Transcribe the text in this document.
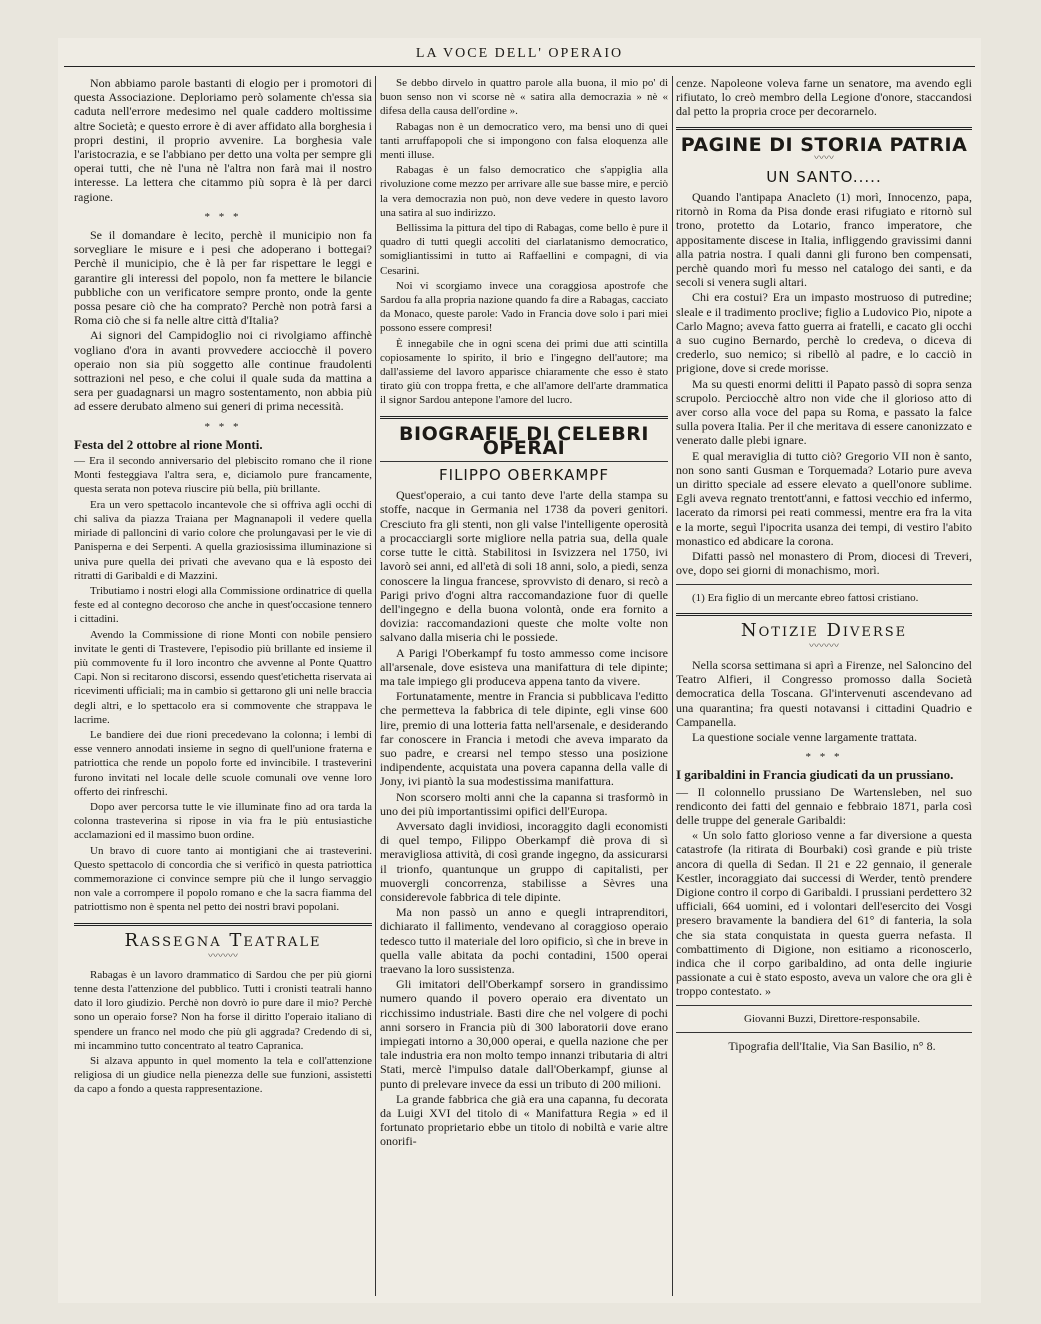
LA VOCE DELL' OPERAIO

Non abbiamo parole bastanti di elogio per i promotori di questa Associazione. Deploriamo però solamente ch'essa sia caduta nell'errore medesimo nel quale caddero moltissime altre Società; e questo errore è di aver affidato alla borghesia i propri destini, il proprio avvenire. La borghesia vale l'aristocrazia, e se l'abbiano per detto una volta per sempre gli operai tutti, che nè l'una nè l'altra non farà mai il nostro interesse. La lettera che citammo più sopra è là per darci ragione.

* * *

Se il domandare è lecito, perchè il municipio non fa sorvegliare le misure e i pesi che adoperano i bottegai? Perchè il municipio, che è là per far rispettare le leggi e garantire gli interessi del popolo, non fa mettere le bilancie pubbliche con un verificatore sempre pronto, onde la gente possa pesare ciò che ha comprato? Perchè non potrà farsi a Roma ciò che si fa nelle altre città d'Italia?

Ai signori del Campidoglio noi ci rivolgiamo affinchè vogliano d'ora in avanti provvedere acciocchè il povero operaio non sia più soggetto alle continue fraudolenti sottrazioni nel peso, e che colui il quale suda da mattina a sera per guadagnarsi un magro sostentamento, non abbia più ad essere derubato almeno sui generi di prima necessità.

* * *
Festa del 2 ottobre al rione Monti.

— Era il secondo anniversario del plebiscito romano che il rione Monti festeggiava l'altra sera, e, diciamolo pure francamente, questa serata non poteva riuscire più bella, più brillante.

Era un vero spettacolo incantevole che si offriva agli occhi di chi saliva da piazza Traiana per Magnanapoli il vedere quella miriade di palloncini di vario colore che prolungavasi per le vie di Panisperna e dei Serpenti. A quella graziosissima illuminazione si univa pure quella dei privati che avevano qua e là esposto dei ritratti di Garibaldi e di Mazzini.

Tributiamo i nostri elogi alla Commissione ordinatrice di quella feste ed al contegno decoroso che anche in quest'occasione tennero i cittadini.

Avendo la Commissione di rione Monti con nobile pensiero invitate le genti di Trastevere, l'episodio più brillante ed insieme il più commovente fu il loro incontro che avvenne al Ponte Quattro Capi. Non si recitarono discorsi, essendo quest'etichetta riservata ai ricevimenti ufficiali; ma in cambio si gettarono gli uni nelle braccia degli altri, e lo spettacolo era si commovente che strappava le lacrime.

Le bandiere dei due rioni precedevano la colonna; i lembi di esse vennero annodati insieme in segno di quell'unione fraterna e patriottica che rende un popolo forte ed invincibile. I trasteverini furono invitati nel locale delle scuole comunali ove venne loro offerto dei rinfreschi.

Dopo aver percorsa tutte le vie illuminate fino ad ora tarda la colonna trasteverina si ripose in via fra le più entusiastiche acclamazioni ed il massimo buon ordine.

Un bravo di cuore tanto ai montigiani che ai trasteverini. Questo spettacolo di concordia che si verificò in questa patriottica commemorazione ci convince sempre più che il lungo servaggio non vale a corrompere il popolo romano e che la sacra fiamma del patriottismo non è spenta nel petto dei nostri bravi popolani.

Rassegna Teatrale
〰〰〰

Rabagas è un lavoro drammatico di Sardou che per più giorni tenne desta l'attenzione del pubblico. Tutti i cronisti teatrali hanno dato il loro giudizio. Perchè non dovrò io pure dare il mio? Perchè sono un operaio forse? Non ha forse il diritto l'operaio italiano di spendere un franco nel modo che più gli aggrada? Credendo di sì, mi incammino tutto concentrato al teatro Capranica.

Si alzava appunto in quel momento la tela e coll'attenzione religiosa di un giudice nella pienezza delle sue funzioni, assistetti da capo a fondo a questa rappresentazione.

Se debbo dirvelo in quattro parole alla buona, il mio po' di buon senso non vi scorse nè « satira alla democrazia » nè « difesa della causa dell'ordine ».

Rabagas non è un democratico vero, ma bensi uno di quei tanti arruffapopoli che si impongono con falsa eloquenza alle menti illuse.

Rabagas è un falso democratico che s'appiglia alla rivoluzione come mezzo per arrivare alle sue basse mire, e perciò la vera democrazia non può, non deve vedere in questo lavoro una satira al suo indirizzo.

Bellissima la pittura del tipo di Rabagas, come bello è pure il quadro di tutti quegli accoliti del ciarlatanismo democratico, somigliantissimi in tutto ai Raffaellini e compagni, di via Cesarini.

Noi vi scorgiamo invece una coraggiosa apostrofe che Sardou fa alla propria nazione quando fa dire a Rabagas, cacciato da Monaco, queste parole: Vado in Francia dove solo i pari miei possono essere compresi!

È innegabile che in ogni scena dei primi due atti scintilla copiosamente lo spirito, il brio e l'ingegno dell'autore; ma dall'assieme del lavoro apparisce chiaramente che esso è stato tirato giù con troppa fretta, e che all'amore dell'arte drammatica il signor Sardou antepone l'amore del lucro.

BIOGRAFIE DI CELEBRI OPERAI
FILIPPO OBERKAMPF

Quest'operaio, a cui tanto deve l'arte della stampa su stoffe, nacque in Germania nel 1738 da poveri genitori. Cresciuto fra gli stenti, non gli valse l'intelligente operosità a procacciargli sorte migliore nella patria sua, della quale corse tutte le città. Stabilitosi in Isvizzera nel 1750, ivi lavorò sei anni, ed all'età di soli 18 anni, solo, a piedi, senza conoscere la lingua francese, sprovvisto di denaro, si recò a Parigi privo d'ogni altra raccomandazione fuor di quelle dell'ingegno e della buona volontà, onde era fornito a dovizia: raccomandazioni queste che molte volte non salvano dalla miseria chi le possiede.

A Parigi l'Oberkampf fu tosto ammesso come incisore all'arsenale, dove esisteva una manifattura di tele dipinte; ma tale impiego gli produceva appena tanto da vivere.

Fortunatamente, mentre in Francia si pubblicava l'editto che permetteva la fabbrica di tele dipinte, egli vinse 600 lire, premio di una lotteria fatta nell'arsenale, e desiderando far conoscere in Francia i metodi che aveva imparato da suo padre, e crearsi nel tempo stesso una posizione indipendente, acquistata una povera capanna della valle di Jony, ivi piantò la sua modestissima manifattura.

Non scorsero molti anni che la capanna si trasformò in uno dei più importantissimi opifici dell'Europa.

Avversato dagli invidiosi, incoraggito dagli economisti di quel tempo, Filippo Oberkampf diè prova di sì meravigliosa attività, di così grande ingegno, da assicurarsi il trionfo, quantunque un gruppo di capitalisti, per muovergli concorrenza, stabilisse a Sèvres una considerevole fabbrica di tele dipinte.

Ma non passò un anno e quegli intraprenditori, dichiarato il fallimento, vendevano al coraggioso operaio tedesco tutto il materiale del loro opificio, sì che in breve in quella valle abitata da pochi contadini, 1500 operai traevano la loro sussistenza.

Gli imitatori dell'Oberkampf sorsero in grandissimo numero quando il povero operaio era diventato un ricchissimo industriale. Basti dire che nel volgere di pochi anni sorsero in Francia più di 300 laboratorii dove erano impiegati intorno a 30,000 operai, e quella nazione che per tale industria era non molto tempo innanzi tributaria di altri Stati, mercè l'impulso datale dall'Oberkampf, giunse al punto di prelevare invece da essi un tributo di 200 milioni.

La grande fabbrica che già era una capanna, fu decorata da Luigi XVI del titolo di « Manifattura Regia » ed il fortunato proprietario ebbe un titolo di nobiltà e varie altre onorifi-

cenze. Napoleone voleva farne un senatore, ma avendo egli rifiutato, lo creò membro della Legione d'onore, staccandosi dal petto la propria croce per decorarnelo.

PAGINE DI STORIA PATRIA
〰〰
UN SANTO.....

Quando l'antipapa Anacleto (1) morì, Innocenzo, papa, ritornò in Roma da Pisa donde erasi rifugiato e ritornò sul trono, protetto da Lotario, franco imperatore, che appositamente discese in Italia, infliggendo gravissimi danni alla patria nostra. I quali danni gli furono ben compensati, perchè quando morì fu messo nel catalogo dei santi, e da secoli si venera sugli altari.

Chi era costui? Era un impasto mostruoso di putredine; sleale e il tradimento proclive; figlio a Ludovico Pio, nipote a Carlo Magno; aveva fatto guerra ai fratelli, e cacato gli occhi a suo cugino Bernardo, perchè lo credeva, o diceva di crederlo, suo nemico; si ribellò al padre, e lo cacciò in prigione, dove si crede morisse.

Ma su questi enormi delitti il Papato passò di sopra senza scrupolo. Perciocchè altro non vide che il glorioso atto di aver corso alla voce del papa su Roma, e passato la falce sulla povera Italia. Per il che meritava di essere canonizzato e venerato dalle plebi ignare.

E qual meraviglia di tutto ciò? Gregorio VII non è santo, non sono santi Gusman e Torquemada? Lotario pure aveva un diritto speciale ad essere elevato a quell'onore sublime. Egli aveva regnato trentott'anni, e fattosi vecchio ed infermo, lacerato da rimorsi pei reati commessi, mentre era fra la vita e la morte, seguì l'ipocrita usanza dei tempi, di vestiro l'abito monastico ed abdicare la corona.

Difatti passò nel monastero di Prom, diocesi di Treveri, ove, dopo sei giorni di monachismo, morì.

(1) Era figlio di un mercante ebreo fattosi cristiano.

Notizie Diverse
〰〰〰

Nella scorsa settimana si aprì a Firenze, nel Saloncino del Teatro Alfieri, il Congresso promosso dalla Società democratica della Toscana. Gl'intervenuti ascendevano ad una quarantina; fra questi notavansi i cittadini Quadrio e Campanella.

La questione sociale venne largamente trattata.

* * *
I garibaldini in Francia giudicati da un prussiano.

— Il colonnello prussiano De Wartensleben, nel suo rendiconto dei fatti del gennaio e febbraio 1871, parla così delle truppe del generale Garibaldi:

« Un solo fatto glorioso venne a far diversione a questa catastrofe (la ritirata di Bourbaki) così grande e più triste ancora di quella di Sedan. Il 21 e 22 gennaio, il generale Kestler, incoraggiato dai successi di Werder, tentò prendere Digione contro il corpo di Garibaldi. I prussiani perdettero 32 ufficiali, 664 uomini, ed i volontari dell'esercito dei Vosgi presero bravamente la bandiera del 61° di fanteria, la sola che sia stata conquistata in questa guerra nefasta. Il combattimento di Digione, non esitiamo a riconoscerlo, indica che il corpo garibaldino, ad onta delle ingiurie passionate a cui è stato esposto, aveva un valore che ora gli è troppo contestato. »

Giovanni Buzzi, Direttore-responsabile.

Tipografia dell'Italie, Via San Basilio, n° 8.
